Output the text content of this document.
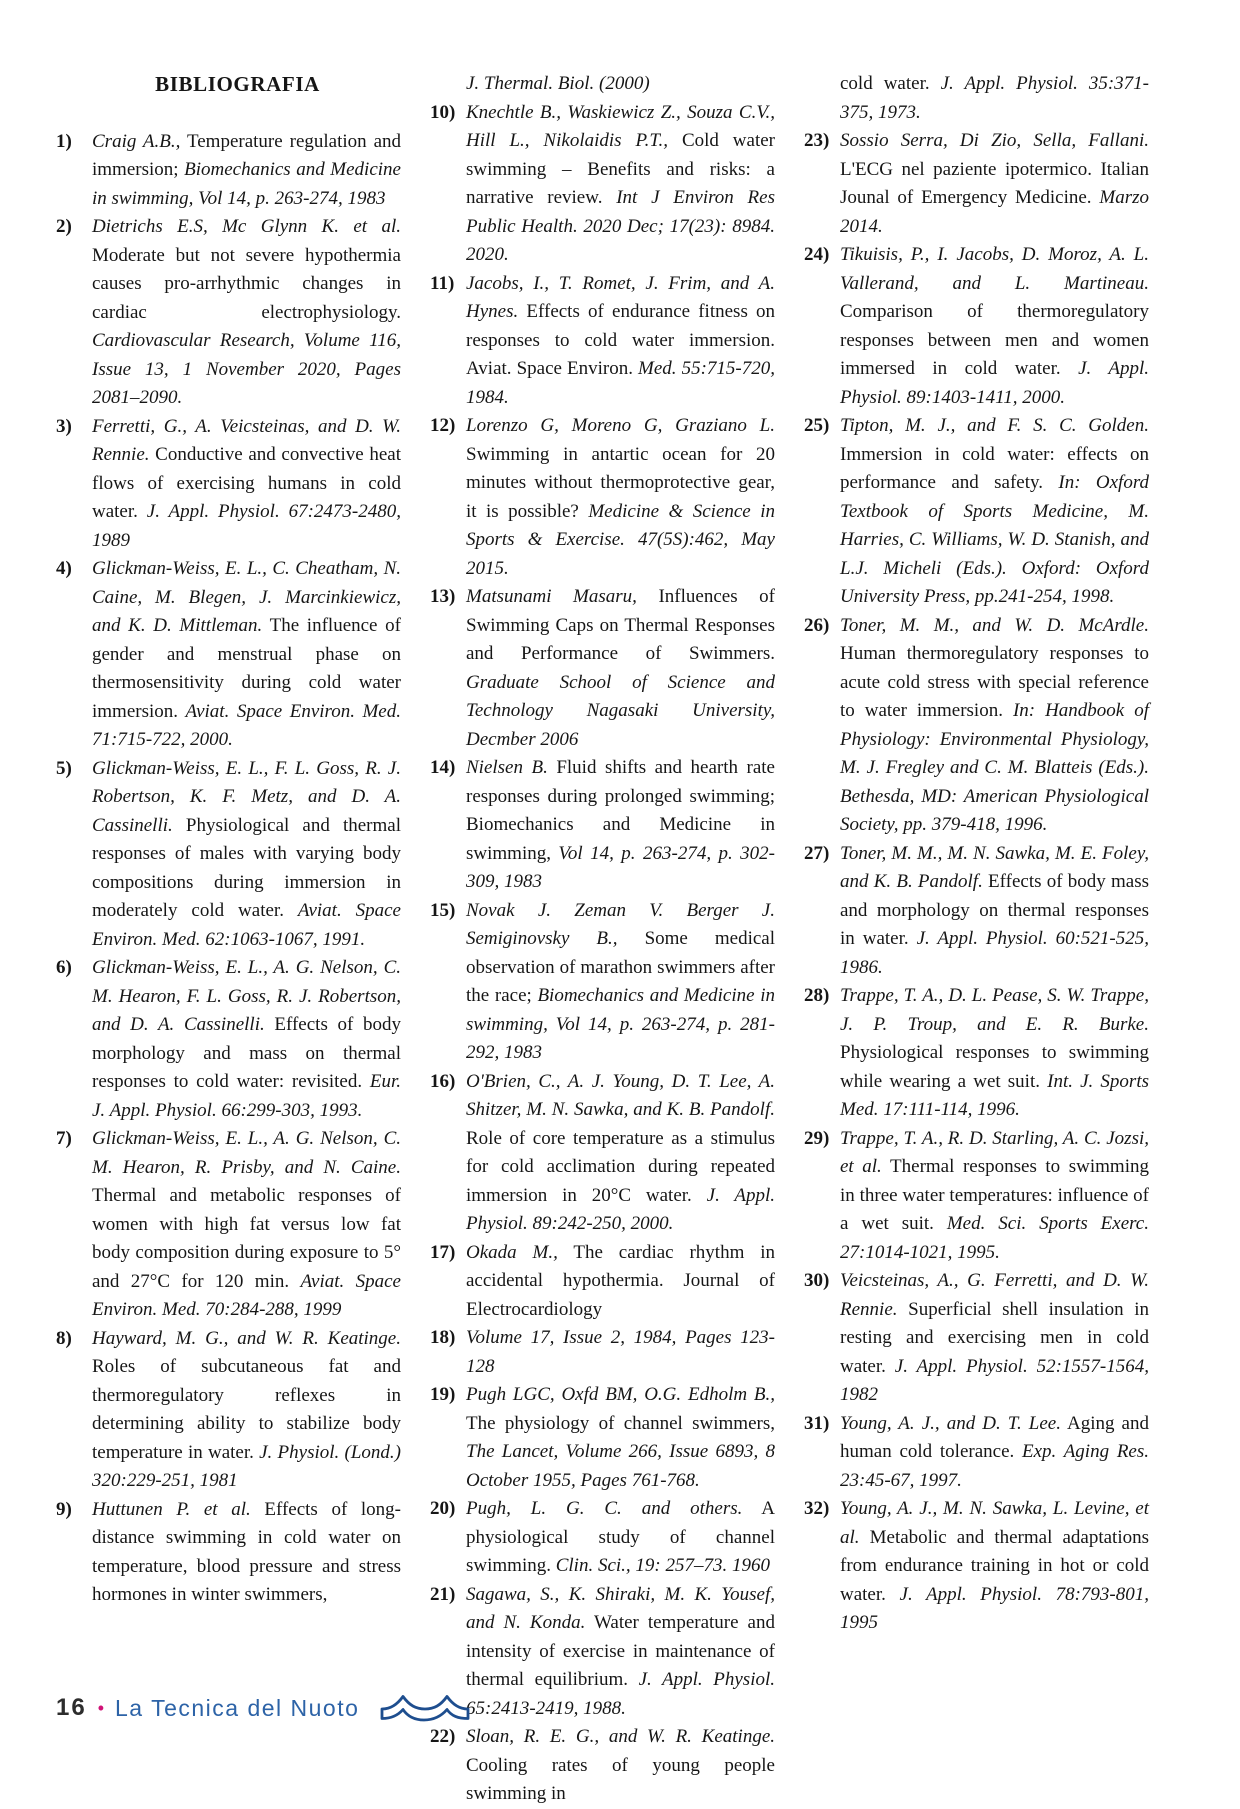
BIBLIOGRAFIA
1) Craig A.B., Temperature regulation and immersion; Biomechanics and Medicine in swimming, Vol 14, p. 263-274, 1983
2) Dietrichs E.S, Mc Glynn K. et al. Moderate but not severe hypothermia causes pro-arrhythmic changes in cardiac electrophysiology. Cardiovascular Research, Volume 116, Issue 13, 1 November 2020, Pages 2081–2090.
3) Ferretti, G., A. Veicsteinas, and D. W. Rennie. Conductive and convective heat flows of exercising humans in cold water. J. Appl. Physiol. 67:2473-2480, 1989
4) Glickman-Weiss, E. L., C. Cheatham, N. Caine, M. Blegen, J. Marcinkiewicz, and K. D. Mittleman. The influence of gender and menstrual phase on thermosensitivity during cold water immersion. Aviat. Space Environ. Med. 71:715-722, 2000.
5) Glickman-Weiss, E. L., F. L. Goss, R. J. Robertson, K. F. Metz, and D. A. Cassinelli. Physiological and thermal responses of males with varying body compositions during immersion in moderately cold water. Aviat. Space Environ. Med. 62:1063-1067, 1991.
6) Glickman-Weiss, E. L., A. G. Nelson, C. M. Hearon, F. L. Goss, R. J. Robertson, and D. A. Cassinelli. Effects of body morphology and mass on thermal responses to cold water: revisited. Eur. J. Appl. Physiol. 66:299-303, 1993.
7) Glickman-Weiss, E. L., A. G. Nelson, C. M. Hearon, R. Prisby, and N. Caine. Thermal and metabolic responses of women with high fat versus low fat body composition during exposure to 5° and 27°C for 120 min. Aviat. Space Environ. Med. 70:284-288, 1999
8) Hayward, M. G., and W. R. Keatinge. Roles of subcutaneous fat and thermoregulatory reflexes in determining ability to stabilize body temperature in water. J. Physiol. (Lond.) 320:229-251, 1981
9) Huttunen P. et al. Effects of long-distance swimming in cold water on temperature, blood pressure and stress hormones in winter swimmers,
J. Thermal. Biol. (2000)
10) Knechtle B., Waskiewicz Z., Souza C.V., Hill L., Nikolaidis P.T., Cold water swimming – Benefits and risks: a narrative review. Int J Environ Res Public Health. 2020 Dec; 17(23): 8984. 2020.
11) Jacobs, I., T. Romet, J. Frim, and A. Hynes. Effects of endurance fitness on responses to cold water immersion. Aviat. Space Environ. Med. 55:715-720, 1984.
12) Lorenzo G, Moreno G, Graziano L. Swimming in antartic ocean for 20 minutes without thermoprotective gear, it is possible? Medicine & Science in Sports & Exercise. 47(5S):462, May 2015.
13) Matsunami Masaru, Influences of Swimming Caps on Thermal Responses and Performance of Swimmers. Graduate School of Science and Technology Nagasaki University, Decmber 2006
14) Nielsen B. Fluid shifts and hearth rate responses during prolonged swimming; Biomechanics and Medicine in swimming, Vol 14, p. 263-274, p. 302-309, 1983
15) Novak J. Zeman V. Berger J. Semiginovsky B., Some medical observation of marathon swimmers after the race; Biomechanics and Medicine in swimming, Vol 14, p. 263-274, p. 281-292, 1983
16) O'Brien, C., A. J. Young, D. T. Lee, A. Shitzer, M. N. Sawka, and K. B. Pandolf. Role of core temperature as a stimulus for cold acclimation during repeated immersion in 20°C water. J. Appl. Physiol. 89:242-250, 2000.
17) Okada M., The cardiac rhythm in accidental hypothermia. Journal of Electrocardiology
18) Volume 17, Issue 2, 1984, Pages 123-128
19) Pugh LGC, Oxfd BM, O.G. Edholm B., The physiology of channel swimmers, The Lancet, Volume 266, Issue 6893, 8 October 1955, Pages 761-768.
20) Pugh, L. G. C. and others. A physiological study of channel swimming. Clin. Sci., 19: 257–73. 1960
21) Sagawa, S., K. Shiraki, M. K. Yousef, and N. Konda. Water temperature and intensity of exercise in maintenance of thermal equilibrium. J. Appl. Physiol. 65:2413-2419, 1988.
22) Sloan, R. E. G., and W. R. Keatinge. Cooling rates of young people swimming in
cold water. J. Appl. Physiol. 35:371-375, 1973.
23) Sossio Serra, Di Zio, Sella, Fallani. L'ECG nel paziente ipotermico. Italian Jounal of Emergency Medicine. Marzo 2014.
24) Tikuisis, P., I. Jacobs, D. Moroz, A. L. Vallerand, and L. Martineau. Comparison of thermoregulatory responses between men and women immersed in cold water. J. Appl. Physiol. 89:1403-1411, 2000.
25) Tipton, M. J., and F. S. C. Golden. Immersion in cold water: effects on performance and safety. In: Oxford Textbook of Sports Medicine, M. Harries, C. Williams, W. D. Stanish, and L.J. Micheli (Eds.). Oxford: Oxford University Press, pp.241-254, 1998.
26) Toner, M. M., and W. D. McArdle. Human thermoregulatory responses to acute cold stress with special reference to water immersion. In: Handbook of Physiology: Environmental Physiology, M. J. Fregley and C. M. Blatteis (Eds.). Bethesda, MD: American Physiological Society, pp. 379-418, 1996.
27) Toner, M. M., M. N. Sawka, M. E. Foley, and K. B. Pandolf. Effects of body mass and morphology on thermal responses in water. J. Appl. Physiol. 60:521-525, 1986.
28) Trappe, T. A., D. L. Pease, S. W. Trappe, J. P. Troup, and E. R. Burke. Physiological responses to swimming while wearing a wet suit. Int. J. Sports Med. 17:111-114, 1996.
29) Trappe, T. A., R. D. Starling, A. C. Jozsi, et al. Thermal responses to swimming in three water temperatures: influence of a wet suit. Med. Sci. Sports Exerc. 27:1014-1021, 1995.
30) Veicsteinas, A., G. Ferretti, and D. W. Rennie. Superficial shell insulation in resting and exercising men in cold water. J. Appl. Physiol. 52:1557-1564, 1982
31) Young, A. J., and D. T. Lee. Aging and human cold tolerance. Exp. Aging Res. 23:45-67, 1997.
32) Young, A. J., M. N. Sawka, L. Levine, et al. Metabolic and thermal adaptations from endurance training in hot or cold water. J. Appl. Physiol. 78:793-801, 1995
16 • La Tecnica del Nuoto
